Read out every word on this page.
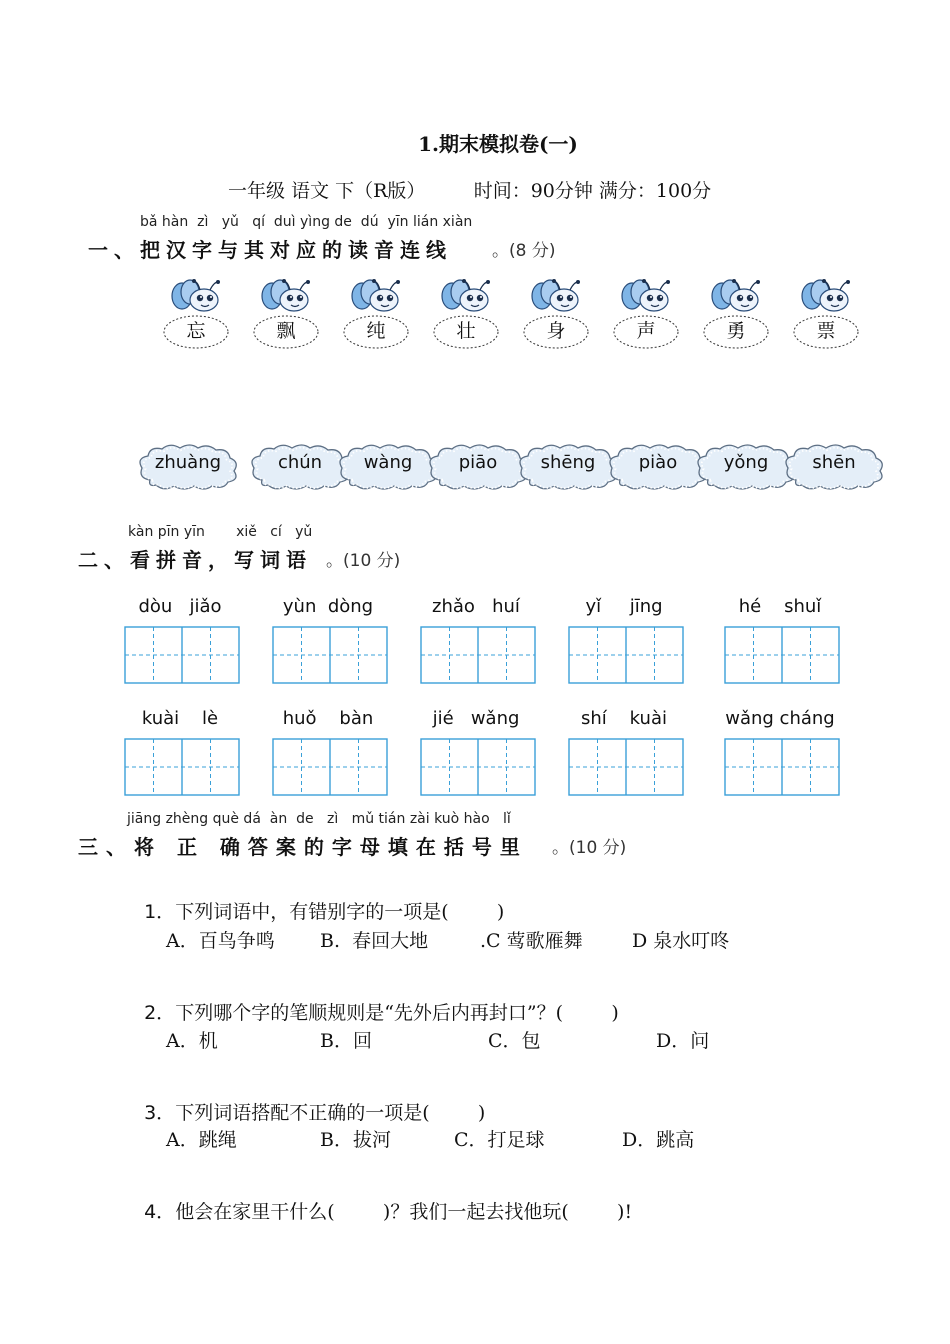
1.期末模拟卷(一)
一年级 语文 下（R版）        时间：90分钟 满分：100分
bǎ hàn  zì   yǔ   qí  duì yìng de  dú  yīn lián xiàn
一、把汉字与其对应的读音连线 。(8 分)
忘	飘	纯	壮	身	声	勇	票
zhuàng	chún	wàng	piāo	shēng	piào	yǒng	shēn
kàn pīn yīn       xiě   cí   yǔ
二、看拼音，写词语 。(10 分)
dòu   jiǎo	yùn  dòng	zhǎo   huí	yǐ     jīng	hé    shuǐ
kuài    lè	huǒ    bàn	jié   wǎng	shí    kuài	wǎng cháng
jiāng zhèng què dá  àn  de   zì   mǔ tián zài kuò hào   lǐ
三、将 正 确答案的字母填在括号里 。(10 分)

1．下列词语中，有错别字的一项是(        )

A．百鸟争鸣 B.  春回大地	.C 莺歌雁舞	D 泉水叮咚

2．下列哪个字的笔顺规则是“先外后内再封口”？(        )

A．机	B．回	C．包	D．问

3．下列词语搭配不正确的一项是(        )

A．跳绳	B．拔河	C．打足球	D．跳高

4．他会在家里干什么(        )？我们一起去找他玩(        )!
